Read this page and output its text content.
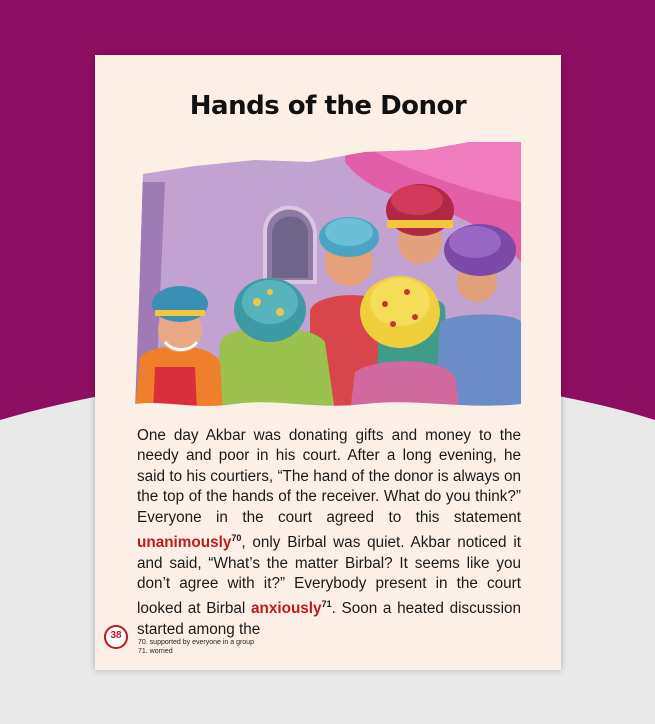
Hands of the Donor

One day Akbar was donating gifts and money to the needy and poor in his court. After a long evening, he said to his courtiers, “The hand of the donor is always on the top of the hands of the receiver. What do you think?” Everyone in the court agreed to this statement unanimously$^{70}$, only Birbal was quiet. Akbar noticed it and said, “What’s the matter Birbal? It seems like you don’t agree with it?” Everybody present in the court looked at Birbal anxiously$^{71}$. Soon a heated discussion started among the

38
70. supported by everyone in a group
71. worried
